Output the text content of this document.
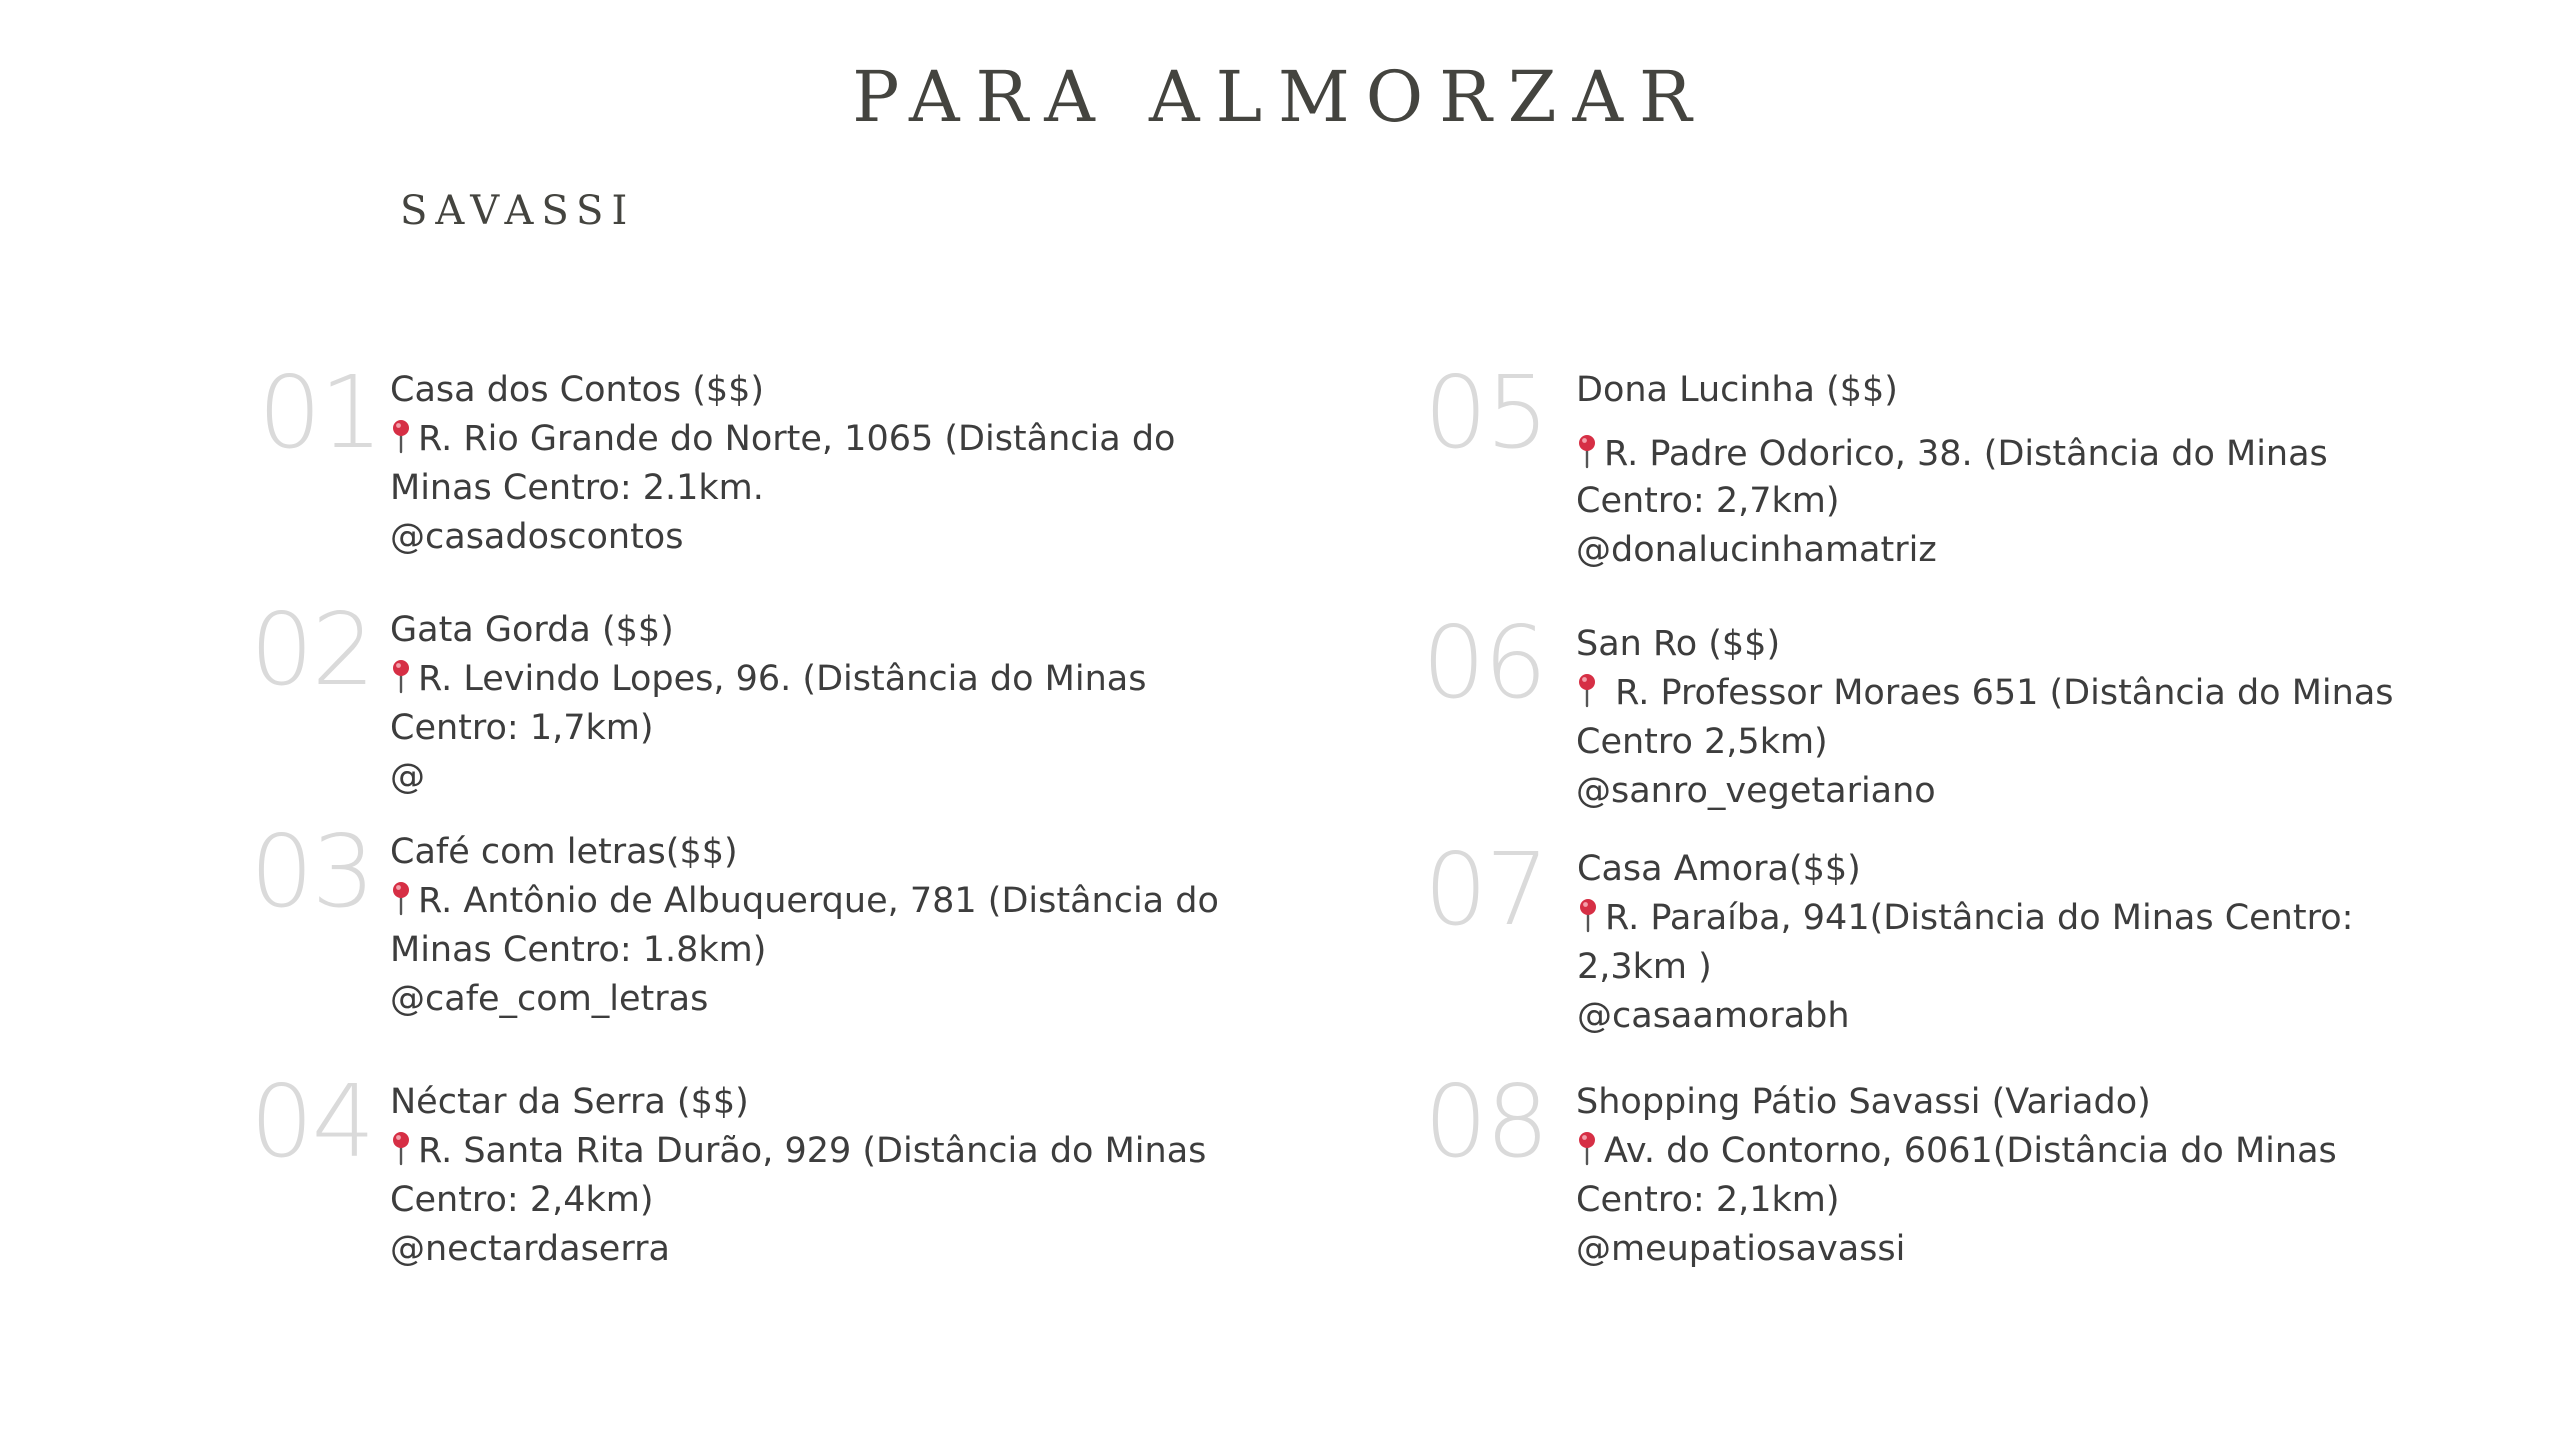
PARA ALMORZAR
SAVASSI
01 Casa dos Contos ($$)
R. Rio Grande do Norte, 1065 (Distância do
Minas Centro: 2.1km.
@casadoscontos
02 Gata Gorda ($$)
R. Levindo Lopes, 96. (Distância do Minas
Centro: 1,7km)
@
03 Café com letras($$)
R. Antônio de Albuquerque, 781 (Distância do
Minas Centro: 1.8km)
@cafe_com_letras
04 Néctar da Serra ($$)
R. Santa Rita Durão, 929 (Distância do Minas
Centro: 2,4km)
@nectardaserra
05 Dona Lucinha ($$)
R. Padre Odorico, 38. (Distância do Minas
Centro: 2,7km)
@donalucinhamatriz
06 San Ro ($$)
R. Professor Moraes 651 (Distância do Minas
Centro 2,5km)
@sanro_vegetariano
07 Casa Amora($$)
R. Paraíba, 941(Distância do Minas Centro:
2,3km )
@casaamorabh
08 Shopping Pátio Savassi (Variado)
Av. do Contorno, 6061(Distância do Minas
Centro: 2,1km)
@meupatiosavassi
